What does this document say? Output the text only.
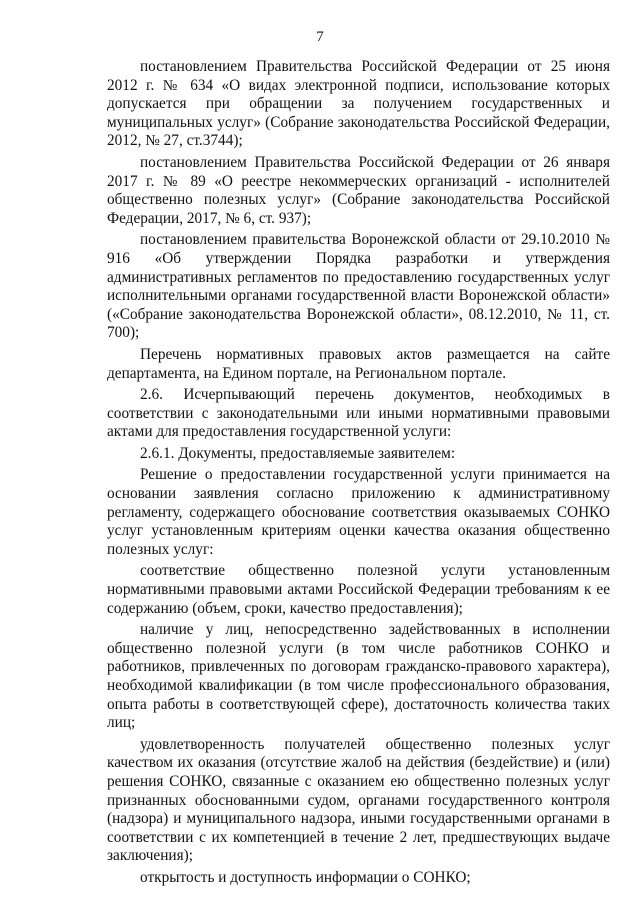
7

постановлением Правительства Российской Федерации от 25 июня 2012 г. № 634 «О видах электронной подписи, использование которых допускается при обращении за получением государственных и муниципальных услуг» (Собрание законодательства Российской Федерации, 2012, № 27, ст.3744);

постановлением Правительства Российской Федерации от 26 января 2017 г. № 89 «О реестре некоммерческих организаций - исполнителей общественно полезных услуг» (Собрание законодательства Российской Федерации, 2017, № 6, ст. 937);

постановлением правительства Воронежской области от 29.10.2010 № 916 «Об утверждении Порядка разработки и утверждения административных регламентов по предоставлению государственных услуг исполнительными органами государственной власти Воронежской области» («Собрание законодательства Воронежской области», 08.12.2010, № 11, ст. 700);

Перечень нормативных правовых актов размещается на сайте департамента, на Едином портале, на Региональном портале.

2.6. Исчерпывающий перечень документов, необходимых в соответствии с законодательными или иными нормативными правовыми актами для предоставления государственной услуги:

2.6.1. Документы, предоставляемые заявителем:

Решение о предоставлении государственной услуги принимается на основании заявления согласно приложению к административному регламенту, содержащего обоснование соответствия оказываемых СОНКО услуг установленным критериям оценки качества оказания общественно полезных услуг:

соответствие общественно полезной услуги установленным нормативными правовыми актами Российской Федерации требованиям к ее содержанию (объем, сроки, качество предоставления);

наличие у лиц, непосредственно задействованных в исполнении общественно полезной услуги (в том числе работников СОНКО и работников, привлеченных по договорам гражданско-правового характера), необходимой квалификации (в том числе профессионального образования, опыта работы в соответствующей сфере), достаточность количества таких лиц;

удовлетворенность получателей общественно полезных услуг качеством их оказания (отсутствие жалоб на действия (бездействие) и (или) решения СОНКО, связанные с оказанием ею общественно полезных услуг признанных обоснованными судом, органами государственного контроля (надзора) и муниципального надзора, иными государственными органами в соответствии с их компетенцией в течение 2 лет, предшествующих выдаче заключения);

открытость и доступность информации о СОНКО;
